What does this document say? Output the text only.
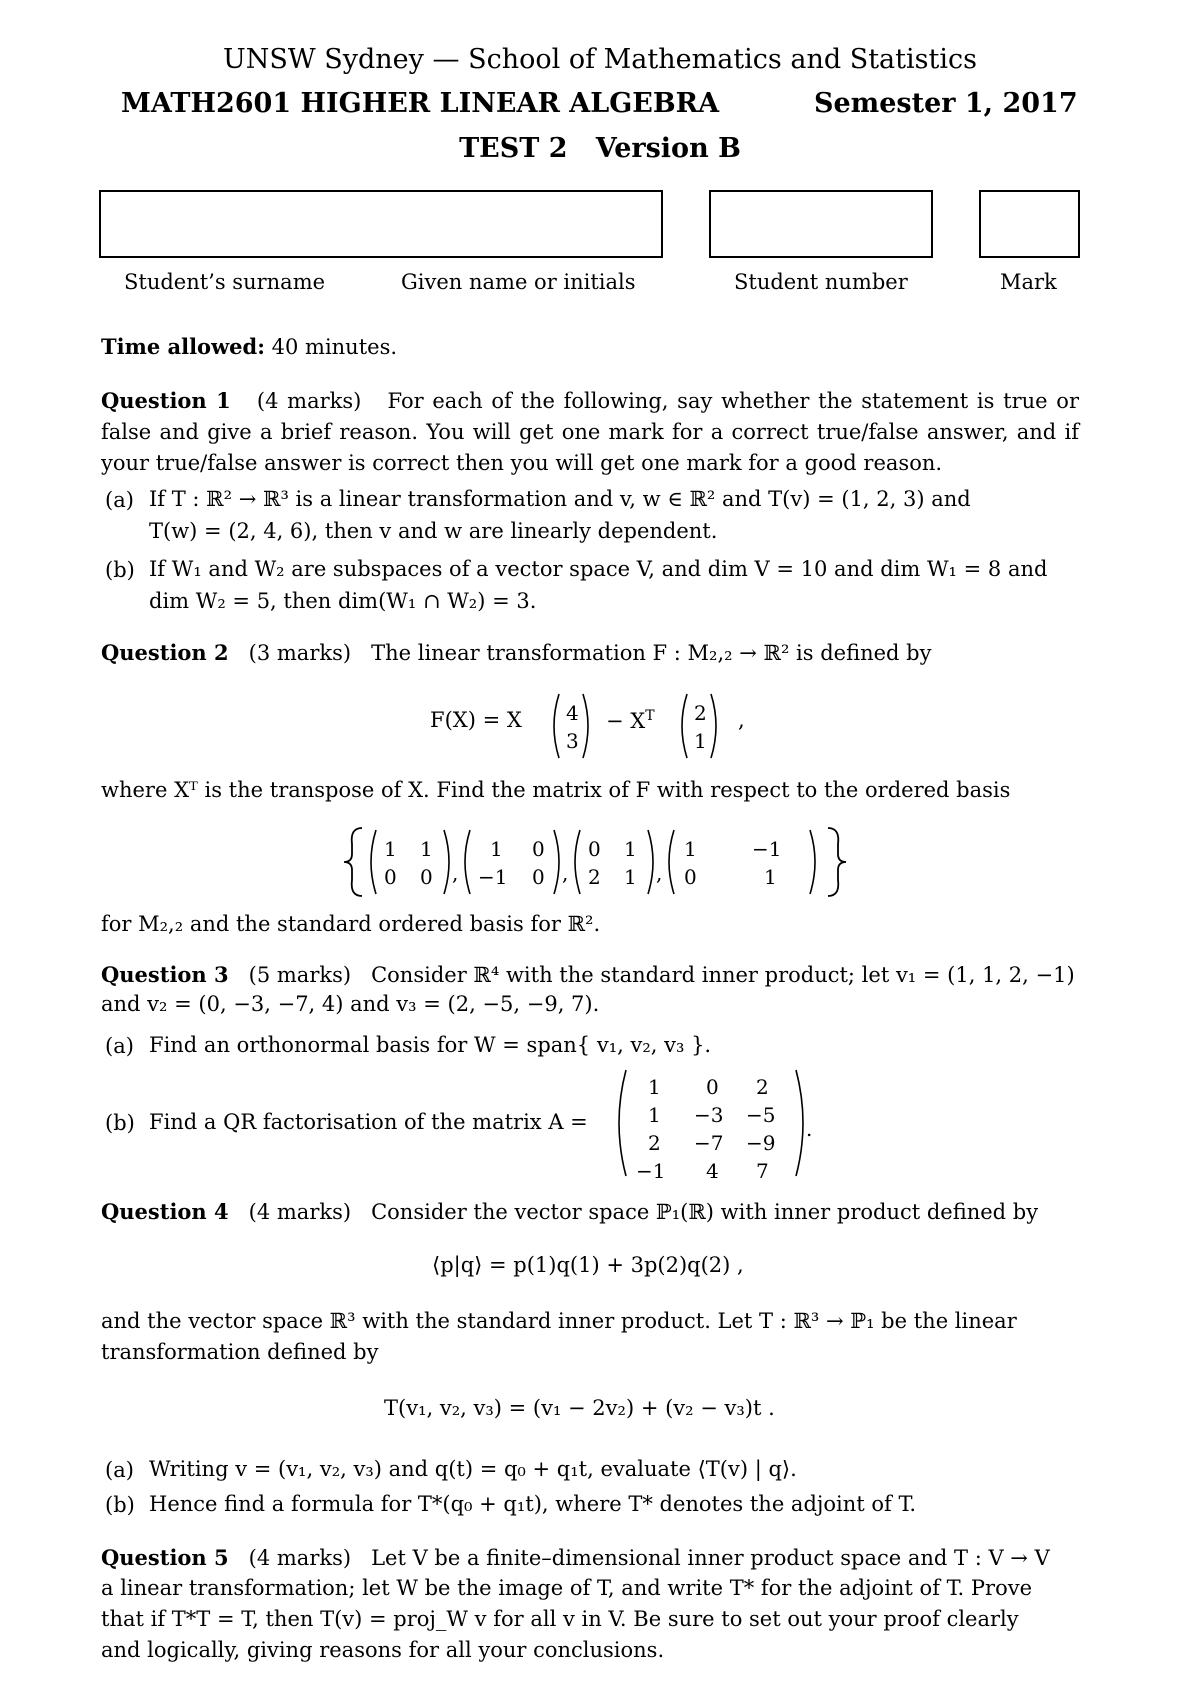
UNSW Sydney — School of Mathematics and Statistics
MATH2601 HIGHER LINEAR ALGEBRA	Semester 1, 2017
TEST 2   Version B
Student’s surname	Given name or initials	Student number	Mark
Time allowed: 40 minutes.
Question 1 (4 marks) For each of the following, say whether the statement is true or false and give a brief reason. You will get one mark for a correct true/false answer, and if your true/false answer is correct then you will get one mark for a good reason.
(a) If T : ℝ² → ℝ³ is a linear transformation and v, w ∈ ℝ² and T(v) = (1, 2, 3) and
T(w) = (2, 4, 6), then v and w are linearly dependent.
(b) If W₁ and W₂ are subspaces of a vector space V, and dim V = 10 and dim W₁ = 8 and
dim W₂ = 5, then dim(W₁ ∩ W₂) = 3.
Question 2 (3 marks) The linear transformation F : M₂,₂ → ℝ² is defined by
F(X) = X 4
3
− $X^T$ 2
1
,
where Xᵀ is the transpose of X. Find the matrix of F with respect to the ordered basis
1 1
0 0 ,
1 0
−1 0 ,
0 1
2 1 ,
1	−1
0	1
for M₂,₂ and the standard ordered basis for ℝ².
Question 3 (5 marks) Consider ℝ⁴ with the standard inner product; let v₁ = (1, 1, 2, −1)
and v₂ = (0, −3, −7, 4) and v₃ = (2, −5, −9, 7).
(a) Find an orthonormal basis for W = span{ v₁, v₂, v₃ }.
(b) Find a QR factorisation of the matrix A =
1 0 2
1 −3 −5
2 −7 −9
−1 4 7
.
Question 4 (4 marks) Consider the vector space ℙ₁(ℝ) with inner product defined by
⟨p|q⟩ = p(1)q(1) + 3p(2)q(2) ,
and the vector space ℝ³ with the standard inner product. Let T : ℝ³ → ℙ₁ be the linear
transformation defined by
T(v₁, v₂, v₃) = (v₁ − 2v₂) + (v₂ − v₃)t .
(a) Writing v = (v₁, v₂, v₃) and q(t) = q₀ + q₁t, evaluate ⟨T(v) | q⟩.
(b) Hence find a formula for T*(q₀ + q₁t), where T* denotes the adjoint of T.
Question 5 (4 marks) Let V be a finite–dimensional inner product space and T : V → V
a linear transformation; let W be the image of T, and write T* for the adjoint of T. Prove
that if T*T = T, then T(v) = proj_W v for all v in V. Be sure to set out your proof clearly
and logically, giving reasons for all your conclusions.
